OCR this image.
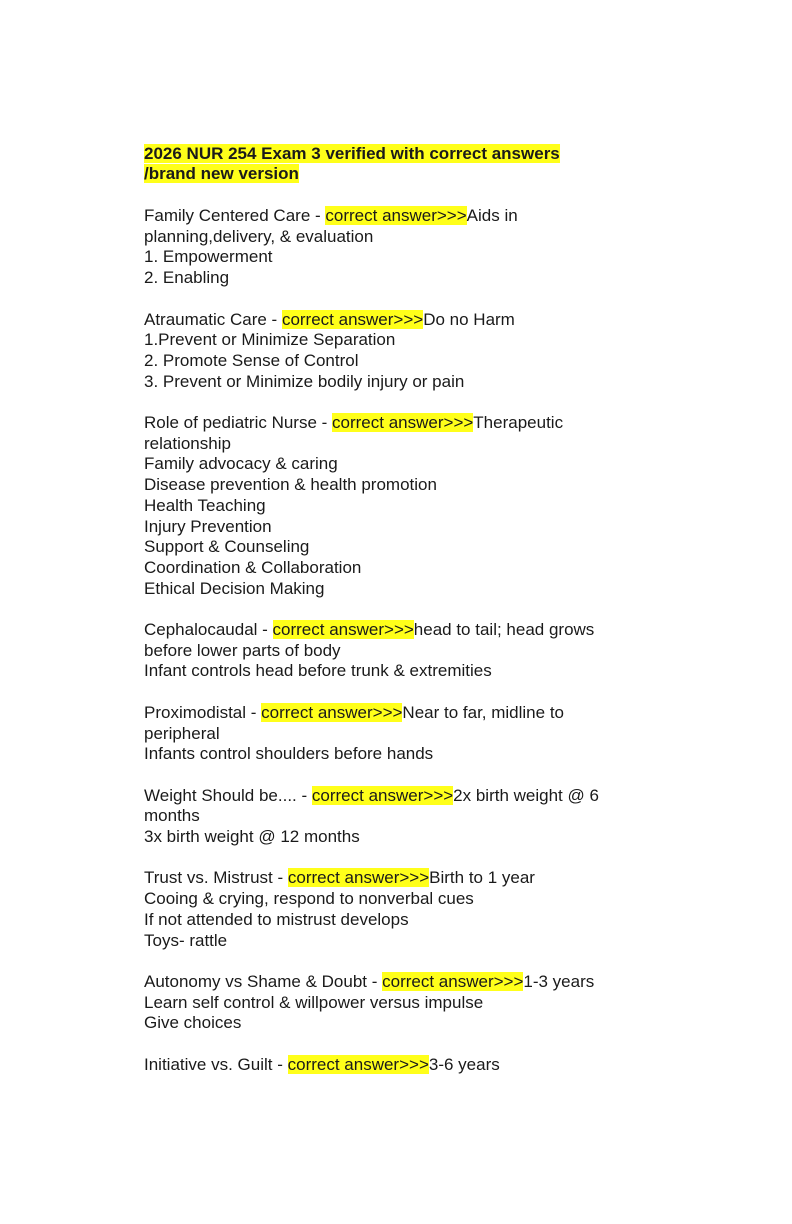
2026 NUR 254 Exam 3 verified with correct answers
/brand new version
Family Centered Care - correct answer>>>Aids in
planning,delivery, & evaluation
1. Empowerment
2. Enabling
Atraumatic Care - correct answer>>>Do no Harm
1.Prevent or Minimize Separation
2. Promote Sense of Control
3. Prevent or Minimize bodily injury or pain
Role of pediatric Nurse - correct answer>>>Therapeutic
relationship
Family advocacy & caring
Disease prevention & health promotion
Health Teaching
Injury Prevention
Support & Counseling
Coordination & Collaboration
Ethical Decision Making
Cephalocaudal - correct answer>>>head to tail; head grows
before lower parts of body
Infant controls head before trunk & extremities
Proximodistal - correct answer>>>Near to far, midline to
peripheral
Infants control shoulders before hands
Weight Should be.... - correct answer>>>2x birth weight @ 6
months
3x birth weight @ 12 months
Trust vs. Mistrust - correct answer>>>Birth to 1 year
Cooing & crying, respond to nonverbal cues
If not attended to mistrust develops
Toys- rattle
Autonomy vs Shame & Doubt - correct answer>>>1-3 years
Learn self control & willpower versus impulse
Give choices
Initiative vs. Guilt - correct answer>>>3-6 years
